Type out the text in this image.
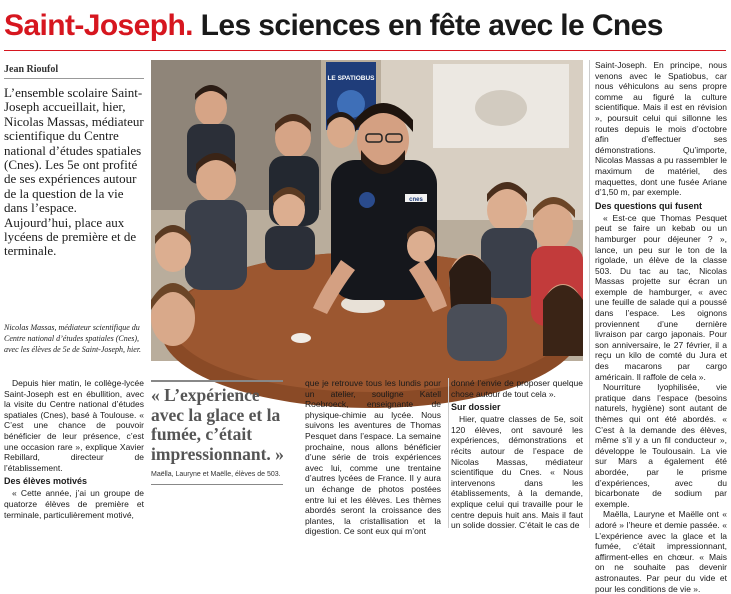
Saint-Joseph. Les sciences en fête avec le Cnes
Jean Rioufol
L’ensemble scolaire Saint-Joseph accueillait, hier, Nicolas Massas, médiateur scientifique du Centre national d’études spatiales (Cnes). Les 5e ont profité de ses expériences autour de la question de la vie dans l’espace. Aujourd’hui, place aux lycéens de première et de terminale.
Nicolas Massas, médiateur scientifique du Centre national d’études spatiales (Cnes), avec les élèves de 5e de Saint-Joseph, hier.
LE SPATIOBUS
cnes
« L’expérience avec la glace et la fumée, c’était impressionnant. »
Maëlla, Lauryne et Maëlle, élèves de 503.

Depuis hier matin, le collège-lycée Saint-Joseph est en ébullition, avec la visite du Centre national d’études spatiales (Cnes), basé à Toulouse. « C’est une chance de pouvoir bénéficier de leur présence, c’est une occasion rare », explique Xavier Rebillard, directeur de l’établissement.

Des élèves motivés

« Cette année, j’ai un groupe de quatorze élèves de première et terminale, particulièrement motivé,

que je retrouve tous les lundis pour un atelier, souligne Katell Roebroeck, enseignante de physique-chimie au lycée. Nous suivons les aventures de Thomas Pesquet dans l’espace. La semaine prochaine, nous allons bénéficier d’une série de trois expériences avec lui, comme une trentaine d’autres lycées de France. Il y aura un échange de photos postées entre lui et les élèves. Les thèmes abordés seront la croissance des plantes, la cristallisation et la digestion. Ce sont eux qui m’ont

donné l’envie de proposer quelque chose autour de tout cela ».

Sur dossier

Hier, quatre classes de 5e, soit 120 élèves, ont savouré les expériences, démonstrations et récits autour de l’espace de Nicolas Massas, médiateur scientifique du Cnes. « Nous intervenons dans les établissements, à la demande, explique celui qui travaille pour le centre depuis huit ans. Mais il faut un solide dossier. C’était le cas de

Saint-Joseph. En principe, nous venons avec le Spatiobus, car nous véhiculons au sens propre comme au figuré la culture scientifique. Mais il est en révision », poursuit celui qui sillonne les routes depuis le mois d’octobre afin d’effectuer ses démonstrations. Qu’importe, Nicolas Massas a pu rassembler le maximum de matériel, des maquettes, dont une fusée Ariane d’1,50 m, par exemple.

Des questions qui fusent

« Est-ce que Thomas Pesquet peut se faire un kebab ou un hamburger pour déjeuner ? », lance, un peu sur le ton de la rigolade, un élève de la classe 503. Du tac au tac, Nicolas Massas projette sur écran un exemple de hamburger, « avec une feuille de salade qui a poussé dans l’espace. Les oignons proviennent d’une dernière livraison par cargo japonais. Pour son anniversaire, le 27 février, il a reçu un kilo de comté du Jura et des macarons par cargo américain. Il raffole de cela ».

Nourriture lyophilisée, vie pratique dans l’espace (besoins naturels, hygiène) sont autant de thèmes qui ont été abordés. « C’est à la demande des élèves, même s’il y a un fil conducteur », développe le Toulousain. La vie sur Mars a également été abordée, par le prisme d’expériences, avec du bicarbonate de sodium par exemple.

Maëlla, Lauryne et Maëlle ont « adoré » l’heure et demie passée. « L’expérience avec la glace et la fumée, c’était impressionnant, affirment-elles en chœur. « Mais on ne souhaite pas devenir astronautes. Par peur du vide et pour les conditions de vie ».
